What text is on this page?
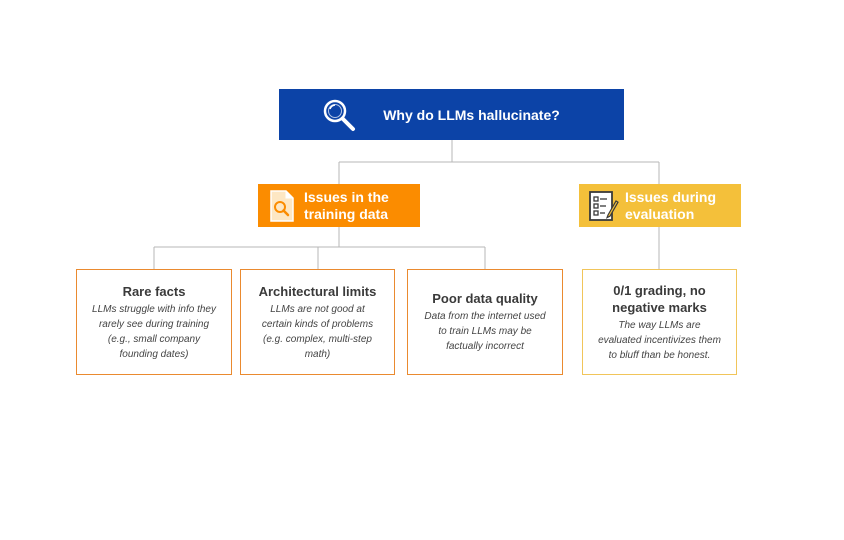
Why do LLMs hallucinate?
Issues in the
training data
Issues during
evaluation
Rare facts
LLMs struggle with info they
rarely see during training
(e.g., small company
founding dates)
Architectural limits
LLMs are not good at
certain kinds of problems
(e.g. complex, multi-step
math)
Poor data quality
Data from the internet used
to train LLMs may be
factually incorrect
0/1 grading, no
negative marks
The way LLMs are
evaluated incentivizes them
to bluff than be honest.
